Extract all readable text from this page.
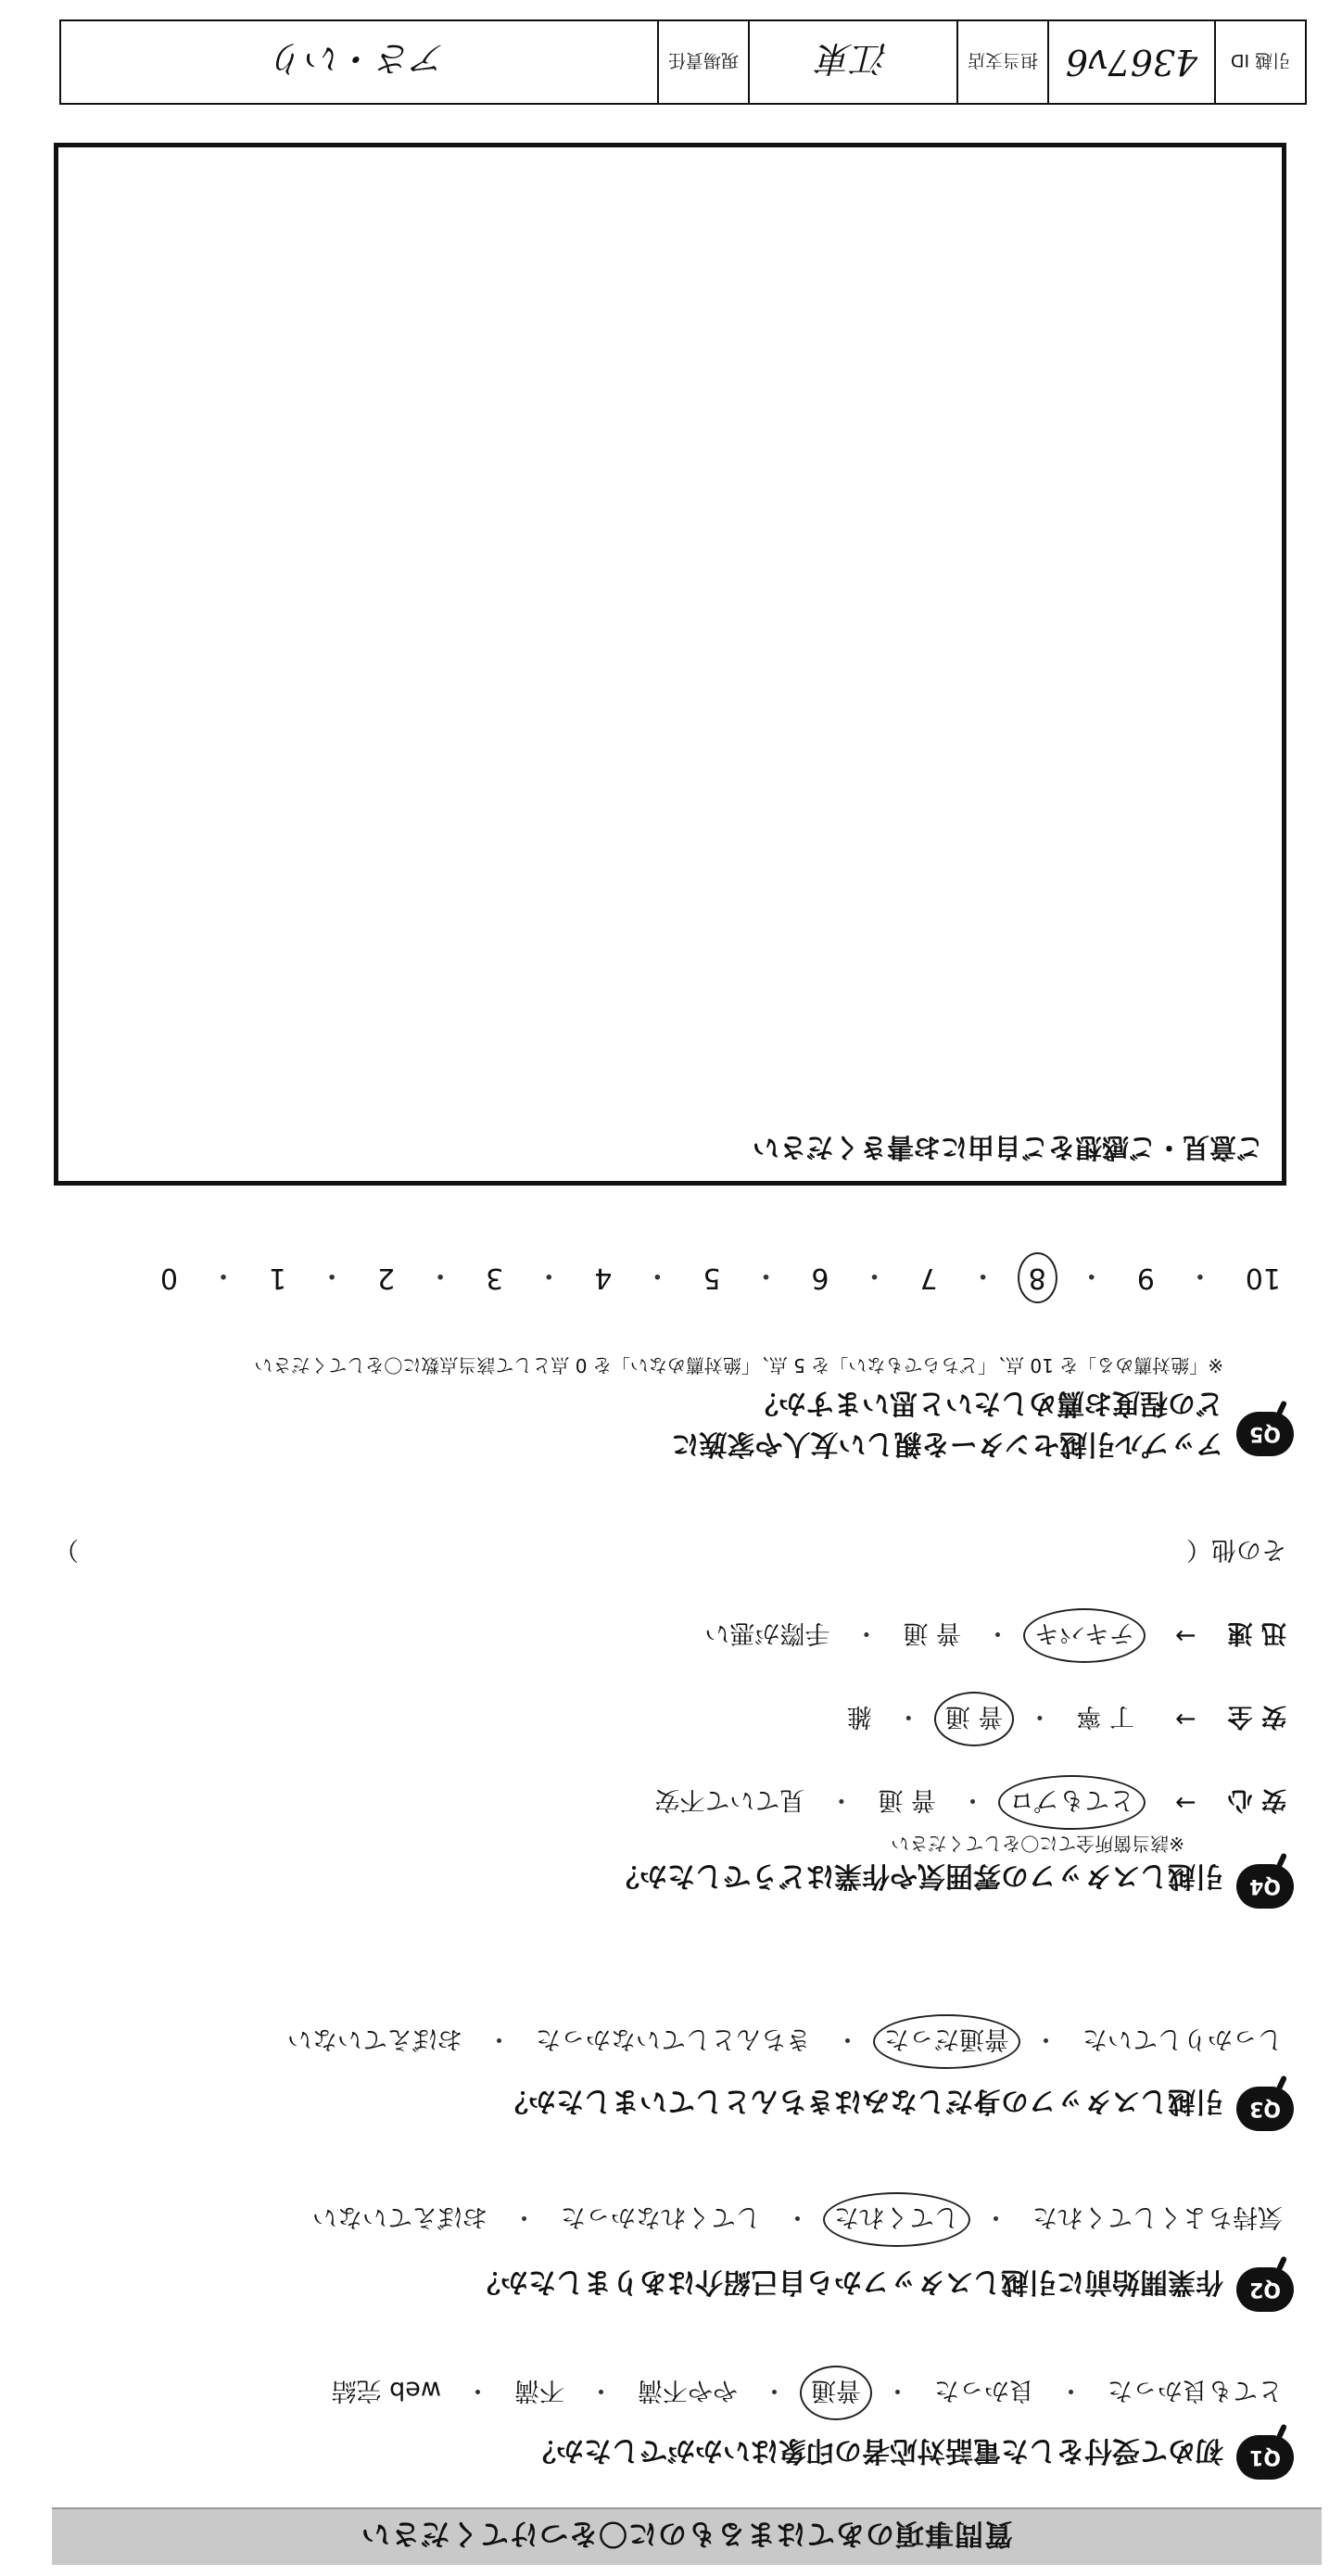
質問事項のあてはまるものに〇をつけてください
Q1
初めて受付をした電話対応者の印象はいかがでしたか？
とても良かった
・
良かった
・
普通
・
やや不満
・
不満
・
web 完結
Q2
作業開始前に引越しスタッフから自己紹介はありましたか？
気持ちよくしてくれた
・
してくれた
・
してくれなかった
・
おぼえていない
Q3
引越しスタッフの身だしなみはきちんとしていましたか？
しっかりしていた
・
普通だった
・
きちんとしていなかった
・
おぼえていない
Q4
引越しスタッフの雰囲気や作業はどうでしたか？
※該当箇所全てに〇をしてください
安 心
→
とてもプロ
・
普 通
・
見ていて不安
安 全
→
丁 寧
・
普 通
・
雑
迅 速
→
テキパキ
・
普 通
・
手際が悪い
その他（
）
Q5
アップル引越センターを親しい友人や家族に
どの程度お薦めしたいと思いますか？
※「絶対薦める」を 10 点、「どちらでもない」を 5 点、「絶対薦めない」を 0 点として該当点数に〇をしてください
10
・
9
・
8
・
7
・
6
・
5
・
4
・
3
・
2
・
1
・
0
ご意見・ご感想をご自由にお書きください
引越 ID
4367v6
担当支店
江東
現場責任
アさ・いり
